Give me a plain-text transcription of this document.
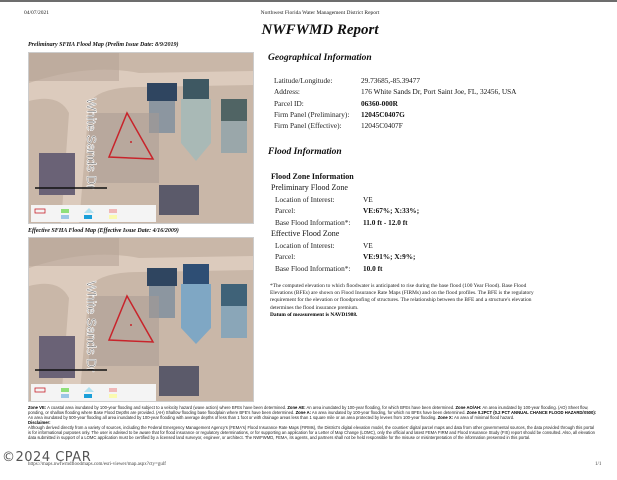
04/07/2021	Northwest Florida Water Management District Report
NWFWMD Report
Preliminary SFHA Flood Map (Prelim Issue Date: 8/9/2019)
White Sands Dr
Effective SFHA Flood Map (Effective Issue Date: 4/16/2009)
White Sands Dr
Geographical Information
Latitude/Longitude:	29.73685,-85.39477
Address:	176 White Sands Dr, Port Saint Joe, FL, 32456, USA
Parcel ID:	06360-000R
Firm Panel (Preliminary):	12045C0407G
Firm Panel (Effective):	12045C0407F
Flood Information
Flood Zone Information
Preliminary Flood Zone
Location of Interest:	VE
Parcel:	VE:67%; X:33%;
Base Flood Information*:	11.0 ft - 12.0 ft
Effective Flood Zone
Location of Interest:	VE
Parcel:	VE:91%; X:9%;
Base Flood Information*:	10.0 ft
*The computed elevation to which floodwater is anticipated to rise during the base flood (100 Year Flood). Base Flood Elevations (BFEs) are shown on Flood Insurance Rate Maps (FIRMs) and on the flood profiles. The BFE is the regulatory requirement for the elevation or floodproofing of structures. The relationship between the BFE and a structure's elevation determines the flood insurance premium.
Datum of measurement is NAVD1988.
Zone VE: A coastal area inundated by 100-year flooding and subject to a velocity hazard (wave action) where BFEs have been determined. Zone AE: An area inundated by 100-year flooding, for which BFEs have been determined. Zone AO/AH: An area inundated by 100-year flooding. (AO) Sheet flow, ponding, or shallow flooding where Base Flood Depths are provided. (AH) Shallow flooding base floodplain where BFE's have been determined. Zone A: An area inundated by 100-year flooding, for which no BFEs have been determined. Zone 0.2PCT (0.2 PCT ANNUAL CHANCE FLOOD HAZARD/X500): An area inundated by 500-year flooding all area inundated by 100-year flooding with average depths of less than 1 foot or with drainage areas less than 1 square mile or an area protected by levees from 100-year flooding. Zone X: An area of minimal flood hazard.
Disclaimer:
Although derived directly from a variety of sources, including the Federal Emergency Management Agency's (FEMA's) Flood Insurance Rate Maps (FIRMs), the District's digital elevation model, the counties' digital parcel maps and data from other governmental sources, the data provided through this portal is for informational purposes only. The user is advised to be aware that for flood insurance or regulatory determinations, or for supporting an application for a Letter of Map Change (LOMC), only the official and latest FEMA FIRM and Flood Insurance Study (FIS) report should be consulted. Also, all elevation data submitted in support of a LOMC application must be certified by a licensed land surveyor, engineer, or architect. The NWFWMD, FEMA, its agents, and partners shall not be held responsible for the misuse or misinterpretation of the information presented in this portal.
©2024 CPAR
https://maps.nwfwmdfloodmaps.com/esri-viewer/map.aspx?cty=gulf	1/1
